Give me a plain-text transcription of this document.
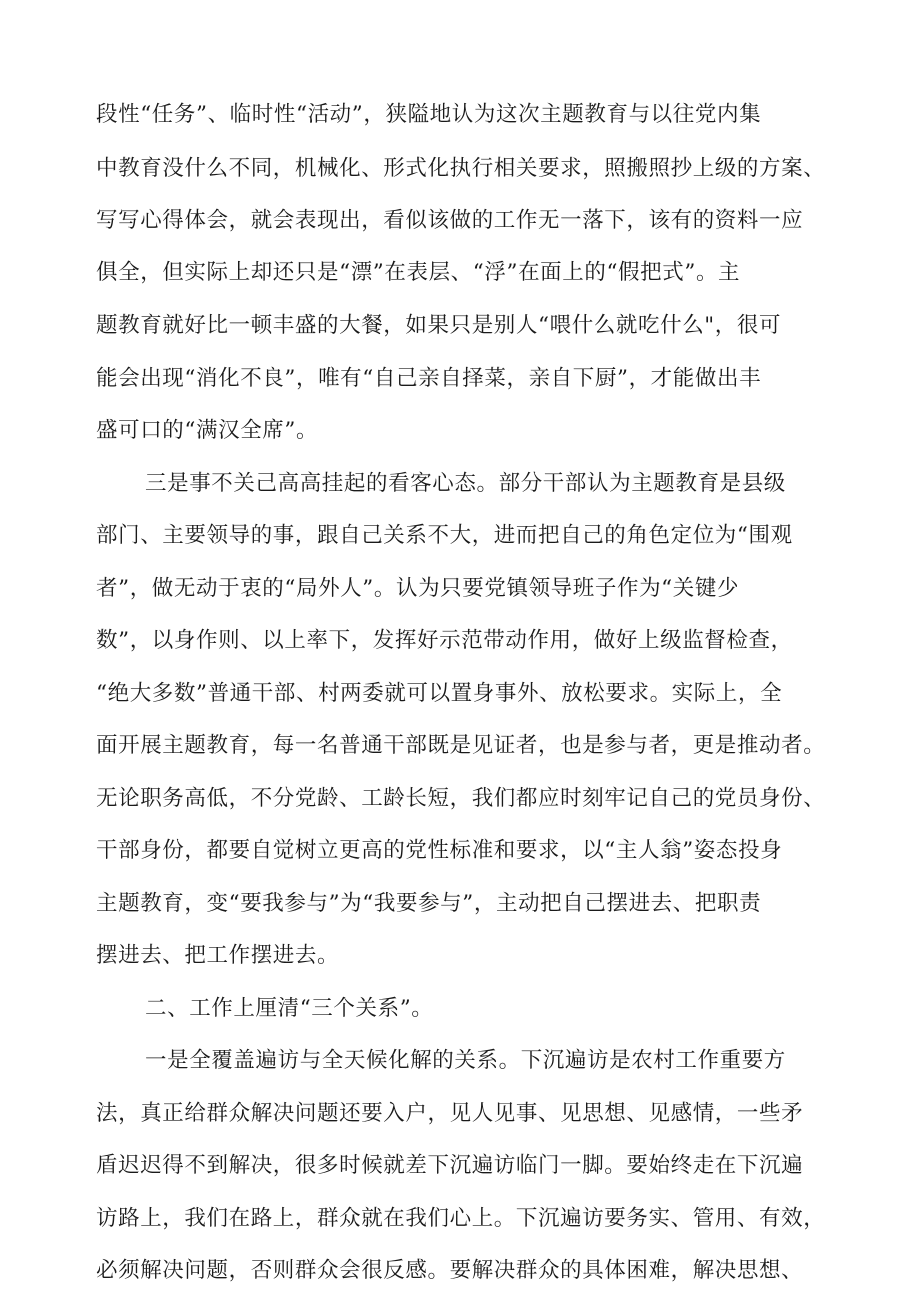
段性“任务”、临时性“活动”，狭隘地认为这次主题教育与以往党内集
中教育没什么不同，机械化、形式化执行相关要求，照搬照抄上级的方案、
写写心得体会，就会表现出，看似该做的工作无一落下，该有的资料一应
俱全，但实际上却还只是“漂”在表层、“浮”在面上的“假把式”。主
题教育就好比一顿丰盛的大餐，如果只是别人“喂什么就吃什么"，很可
能会出现“消化不良”，唯有“自己亲自择菜，亲自下厨”，才能做出丰
盛可口的“满汉全席”。
三是事不关己高高挂起的看客心态。部分干部认为主题教育是县级
部门、主要领导的事，跟自己关系不大，进而把自己的角色定位为“围观
者”，做无动于衷的“局外人”。认为只要党镇领导班子作为“关键少
数”，以身作则、以上率下，发挥好示范带动作用，做好上级监督检查，
“绝大多数”普通干部、村两委就可以置身事外、放松要求。实际上，全
面开展主题教育，每一名普通干部既是见证者，也是参与者，更是推动者。
无论职务高低，不分党龄、工龄长短，我们都应时刻牢记自己的党员身份、
干部身份，都要自觉树立更高的党性标准和要求，以“主人翁”姿态投身
主题教育，变“要我参与”为“我要参与”，主动把自己摆进去、把职责
摆进去、把工作摆进去。
二、工作上厘清“三个关系”。
一是全覆盖遍访与全天候化解的关系。下沉遍访是农村工作重要方
法，真正给群众解决问题还要入户，见人见事、见思想、见感情，一些矛
盾迟迟得不到解决，很多时候就差下沉遍访临门一脚。要始终走在下沉遍
访路上，我们在路上，群众就在我们心上。下沉遍访要务实、管用、有效，
必须解决问题，否则群众会很反感。要解决群众的具体困难，解决思想、
